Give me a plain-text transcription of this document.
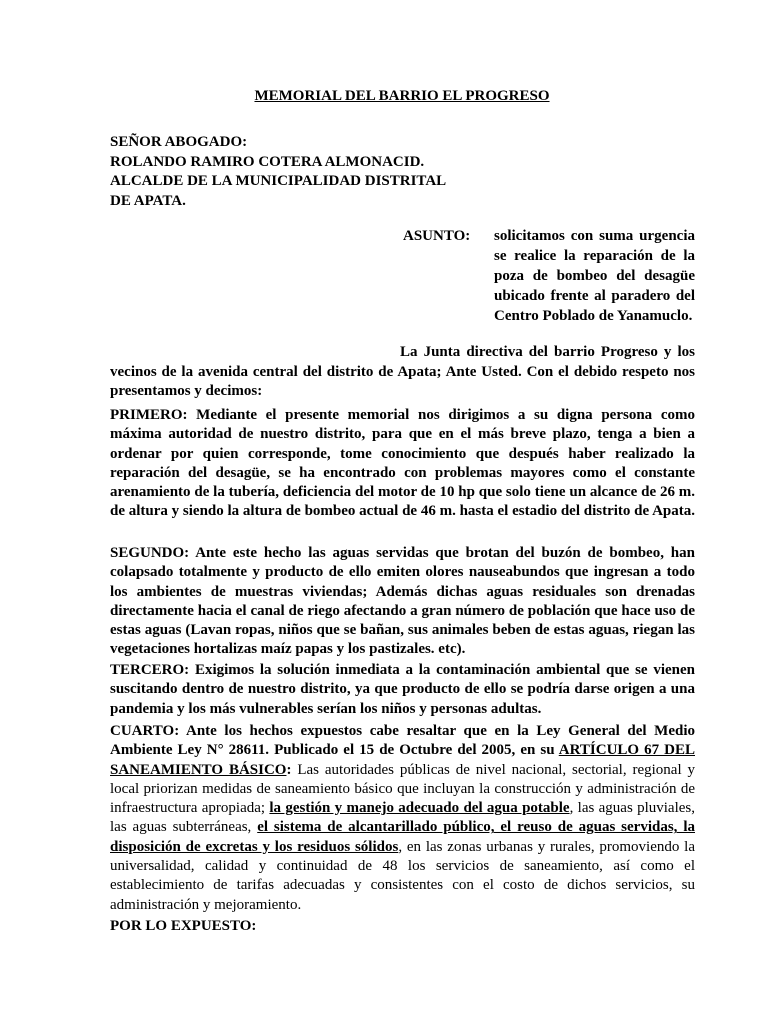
MEMORIAL DEL BARRIO EL PROGRESO
SEÑOR ABOGADO:
ROLANDO RAMIRO COTERA ALMONACID.
ALCALDE DE LA MUNICIPALIDAD DISTRITAL
DE APATA.
ASUNTO: solicitamos con suma urgencia se realice la reparación de la poza de bombeo del desagüe ubicado frente al paradero del Centro Poblado de Yanamuclo.
La Junta directiva del barrio Progreso y los vecinos de la avenida central del distrito de Apata; Ante Usted. Con el debido respeto nos presentamos y decimos:
PRIMERO: Mediante el presente memorial nos dirigimos a su digna persona como máxima autoridad de nuestro distrito, para que en el más breve plazo, tenga a bien a ordenar por quien corresponde, tome conocimiento que después haber realizado la reparación del desagüe, se ha encontrado con problemas mayores como el constante arenamiento de la tubería, deficiencia del motor de 10 hp que solo tiene un alcance de 26 m. de altura y siendo la altura de bombeo actual de 46 m. hasta el estadio del distrito de Apata.
SEGUNDO: Ante este hecho las aguas servidas que brotan del buzón de bombeo, han colapsado totalmente y producto de ello emiten olores nauseabundos que ingresan a todo los ambientes de muestras viviendas; Además dichas aguas residuales son drenadas directamente hacia el canal de riego afectando a gran número de población que hace uso de estas aguas (Lavan ropas, niños que se bañan, sus animales beben de estas aguas, riegan las vegetaciones hortalizas maíz papas y los pastizales. etc).
TERCERO: Exigimos la solución inmediata a la contaminación ambiental que se vienen suscitando dentro de nuestro distrito, ya que producto de ello se podría darse origen a una pandemia y los más vulnerables serían los niños y personas adultas.
CUARTO: Ante los hechos expuestos cabe resaltar que en la Ley General del Medio Ambiente Ley N° 28611. Publicado el 15 de Octubre del 2005, en su ARTÍCULO 67 DEL SANEAMIENTO BÁSICO: Las autoridades públicas de nivel nacional, sectorial, regional y local priorizan medidas de saneamiento básico que incluyan la construcción y administración de infraestructura apropiada; la gestión y manejo adecuado del agua potable, las aguas pluviales, las aguas subterráneas, el sistema de alcantarillado público, el reuso de aguas servidas, la disposición de excretas y los residuos sólidos, en las zonas urbanas y rurales, promoviendo la universalidad, calidad y continuidad de 48 los servicios de saneamiento, así como el establecimiento de tarifas adecuadas y consistentes con el costo de dichos servicios, su administración y mejoramiento.
POR LO EXPUESTO:
